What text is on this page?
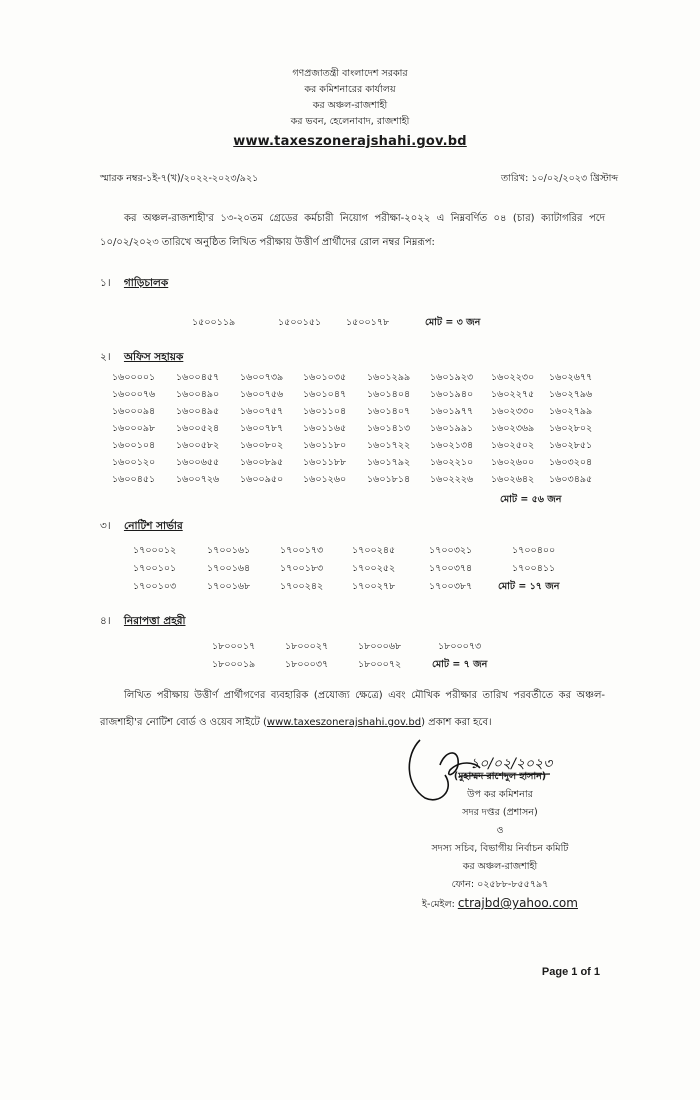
গণপ্রজাতন্ত্রী বাংলাদেশ সরকার
কর কমিশনারের কার্যালয়
কর অঞ্চল-রাজশাহী
কর ভবন, হেলেনাবাদ, রাজশাহী
www.taxeszonerajshahi.gov.bd
স্মারক নম্বর-১ই-৭(খ)/২০২২-২০২৩/৯২১	তারিখ: ১০/০২/২০২৩ খ্রিস্টাব্দ
কর অঞ্চল-রাজশাহী'র ১৩-২০তম গ্রেডের কর্মচারী নিয়োগ পরীক্ষা-২০২২ এ নিম্নবর্ণিত ০৪ (চার) ক্যাটাগরির পদে ১০/০২/২০২৩ তারিখে অনুষ্ঠিত লিখিত পরীক্ষায় উত্তীর্ণ প্রার্থীদের রোল নম্বর নিম্নরূপ:
১। গাড়িচালক
১৫০০১১৯	১৫০০১৫১	১৫০০১৭৮	মোট = ৩ জন
২। অফিস সহায়ক
১৬০০০০১ ১৬০০৪৫৭ ১৬০০৭৩৯ ১৬০১০৩৫ ১৬০১২৯৯ ১৬০১৯২৩ ১৬০২২৩০ ১৬০২৬৭৭
১৬০০০৭৬ ১৬০০৪৯০ ১৬০০৭৫৬ ১৬০১০৪৭ ১৬০১৪০৪ ১৬০১৯৪০ ১৬০২২৭৫ ১৬০২৭৯৬
১৬০০০৯৪ ১৬০০৪৯৫ ১৬০০৭৫৭ ১৬০১১০৪ ১৬০১৪০৭ ১৬০১৯৭৭ ১৬০২৩৩০ ১৬০২৭৯৯
১৬০০০৯৮ ১৬০০৫২৪ ১৬০০৭৮৭ ১৬০১১৬৫ ১৬০১৪১৩ ১৬০১৯৯১ ১৬০২৩৬৯ ১৬০২৮০২
১৬০০১০৪ ১৬০০৫৮২ ১৬০০৮০২ ১৬০১১৮০ ১৬০১৭২২ ১৬০২১৩৪ ১৬০২৫০২ ১৬০২৮৫১
১৬০০১২০ ১৬০০৬৫৫ ১৬০০৮৯৫ ১৬০১১৮৮ ১৬০১৭৯২ ১৬০২২১০ ১৬০২৬০০ ১৬০৩২০৪
১৬০০৪৫১ ১৬০০৭২৬ ১৬০০৯৫০ ১৬০১২৬০ ১৬০১৮১৪ ১৬০২২২৬ ১৬০২৬৪২ ১৬০৩৪৯৫
মোট = ৫৬ জন
৩। নোটিশ সার্ভার
১৭০০০১২	১৭০০১৬১	১৭০০১৭৩	১৭০০২৪৫	১৭০০৩২১	১৭০০৪০০
১৭০০১০১	১৭০০১৬৪	১৭০০১৮৩	১৭০০২৫২	১৭০০৩৭৪	১৭০০৪১১
১৭০০১০৩	১৭০০১৬৮	১৭০০২৪২	১৭০০২৭৮	১৭০০৩৮৭	মোট = ১৭ জন
৪। নিরাপত্তা প্রহরী
১৮০০০১৭	১৮০০০২৭	১৮০০০৬৮	১৮০০০৭৩
১৮০০০১৯	১৮০০০৩৭	১৮০০০৭২	মোট = ৭ জন
লিখিত পরীক্ষায় উত্তীর্ণ প্রার্থীগণের ব্যবহারিক (প্রযোজ্য ক্ষেত্রে) এবং মৌখিক পরীক্ষার তারিখ পরবর্তীতে কর অঞ্চল-রাজশাহী'র নোটিশ বোর্ড ও ওয়েব সাইটে (www.taxeszonerajshahi.gov.bd) প্রকাশ করা হবে।
১০/০২/২০২৩
(মুহাম্মদ রাশেদুল হাসান)
উপ কর কমিশনার
সদর দপ্তর (প্রশাসন)
ও
সদস্য সচিব, বিভাগীয় নির্বাচন কমিটি
কর অঞ্চল-রাজশাহী
ফোন: ০২৫৮৮-৮৫৫৭৯৭
ই-মেইল: ctrajbd@yahoo.com
Page 1 of 1
